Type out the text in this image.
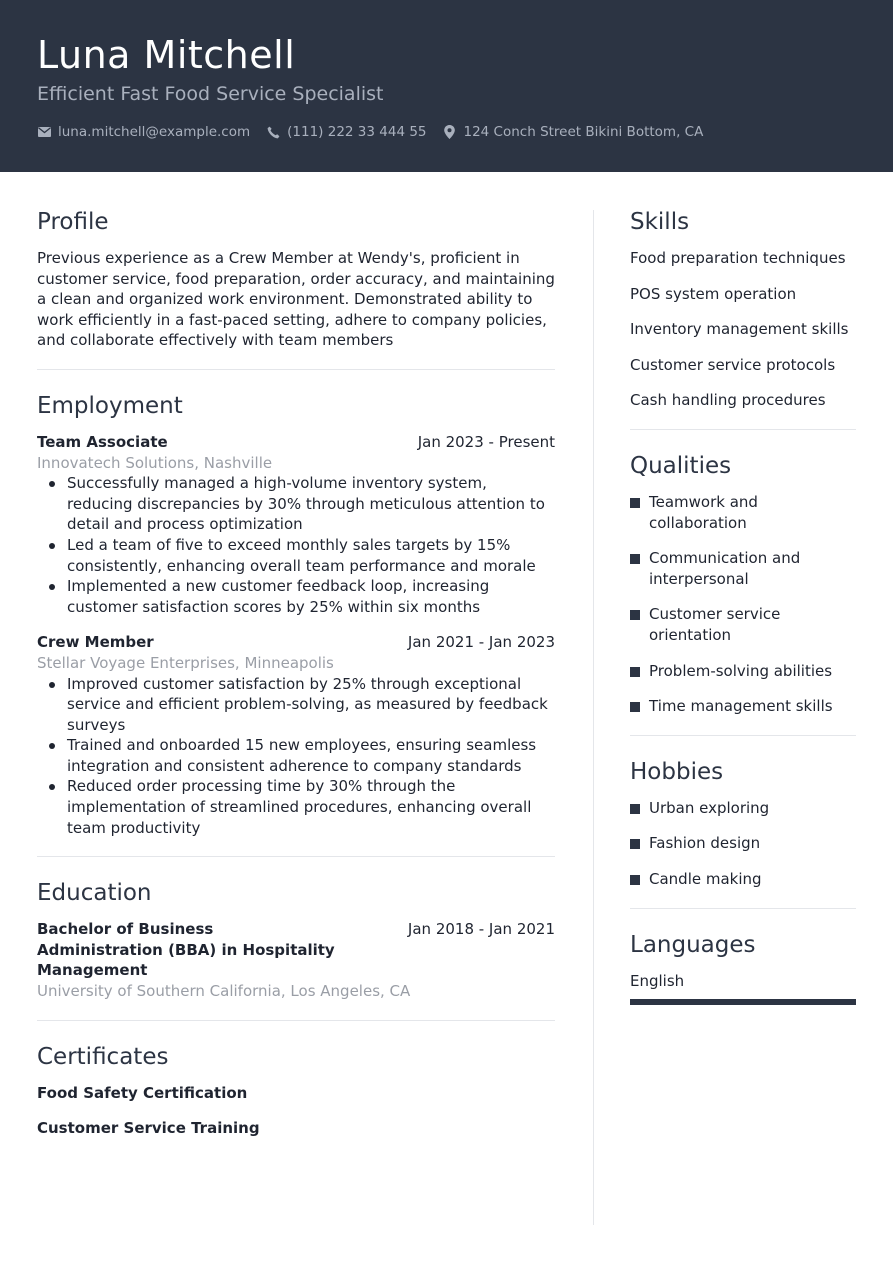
Luna Mitchell
Efficient Fast Food Service Specialist
luna.mitchell@example.com	(111) 222 33 444 55	124 Conch Street Bikini Bottom, CA
Profile

Previous experience as a Crew Member at Wendy's, proficient in customer service, food preparation, order accuracy, and maintaining a clean and organized work environment. Demonstrated ability to work efficiently in a fast-paced setting, adhere to company policies, and collaborate effectively with team members

Employment
Team Associate	Jan 2023 - Present
Innovatech Solutions, Nashville
Successfully managed a high-volume inventory system, reducing discrepancies by 30% through meticulous attention to detail and process optimization
Led a team of five to exceed monthly sales targets by 15% consistently, enhancing overall team performance and morale
Implemented a new customer feedback loop, increasing customer satisfaction scores by 25% within six months
Crew Member	Jan 2021 - Jan 2023
Stellar Voyage Enterprises, Minneapolis
Improved customer satisfaction by 25% through exceptional service and efficient problem-solving, as measured by feedback surveys
Trained and onboarded 15 new employees, ensuring seamless integration and consistent adherence to company standards
Reduced order processing time by 30% through the implementation of streamlined procedures, enhancing overall team productivity
Education
Bachelor of Business Administration (BBA) in Hospitality Management
Jan 2018 - Jan 2021
University of Southern California, Los Angeles, CA
Certificates
Food Safety Certification
Customer Service Training
Skills
Food preparation techniques
POS system operation
Inventory management skills
Customer service protocols
Cash handling procedures
Qualities
Teamwork and collaboration
Communication and interpersonal
Customer service orientation
Problem-solving abilities
Time management skills
Hobbies
Urban exploring
Fashion design
Candle making
Languages
English
